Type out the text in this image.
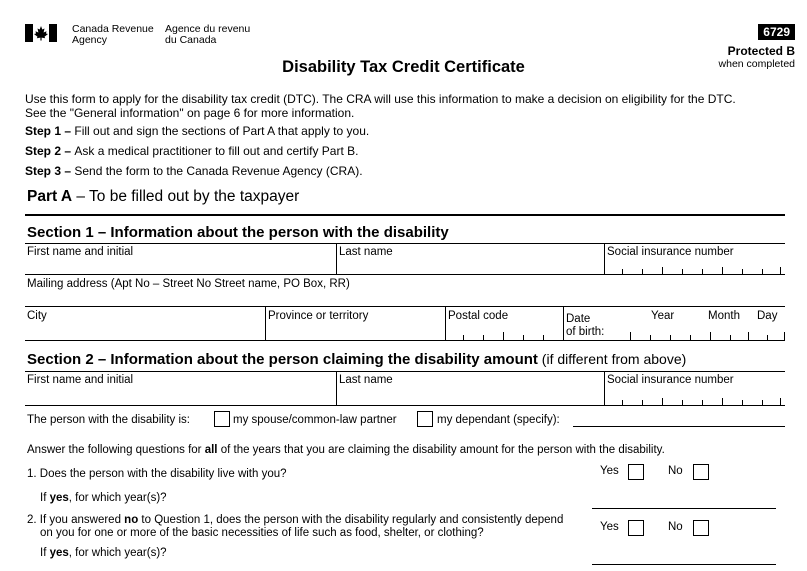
Canada Revenue
Agency
Agence du revenu
du Canada
6729
Protected B
when completed
Disability Tax Credit Certificate
Use this form to apply for the disability tax credit (DTC). The CRA will use this information to make a decision on eligibility for the DTC.
See the "General information" on page 6 for more information.
Step 1 – Fill out and sign the sections of Part A that apply to you.
Step 2 – Ask a medical practitioner to fill out and certify Part B.
Step 3 – Send the form to the Canada Revenue Agency (CRA).
Part A – To be filled out by the taxpayer
Section 1 – Information about the person with the disability
First name and initial	Last name	Social insurance number
Mailing address (Apt No – Street No Street name, PO Box, RR)
City	Province or territory	Postal code	Date
of birth:
Year	Month Day
Section 2 – Information about the person claiming the disability amount (if different from above)
First name and initial	Last name	Social insurance number
The person with the disability is:	my spouse/common-law partner	my dependant (specify):
Answer the following questions for all of the years that you are claiming the disability amount for the person with the disability.
1. Does the person with the disability live with you?	Yes	No
If yes, for which year(s)?
2. If you answered no to Question 1, does the person with the disability regularly and consistently depend
on you for one or more of the basic necessities of life such as food, shelter, or clothing?	Yes	No
If yes, for which year(s)?
